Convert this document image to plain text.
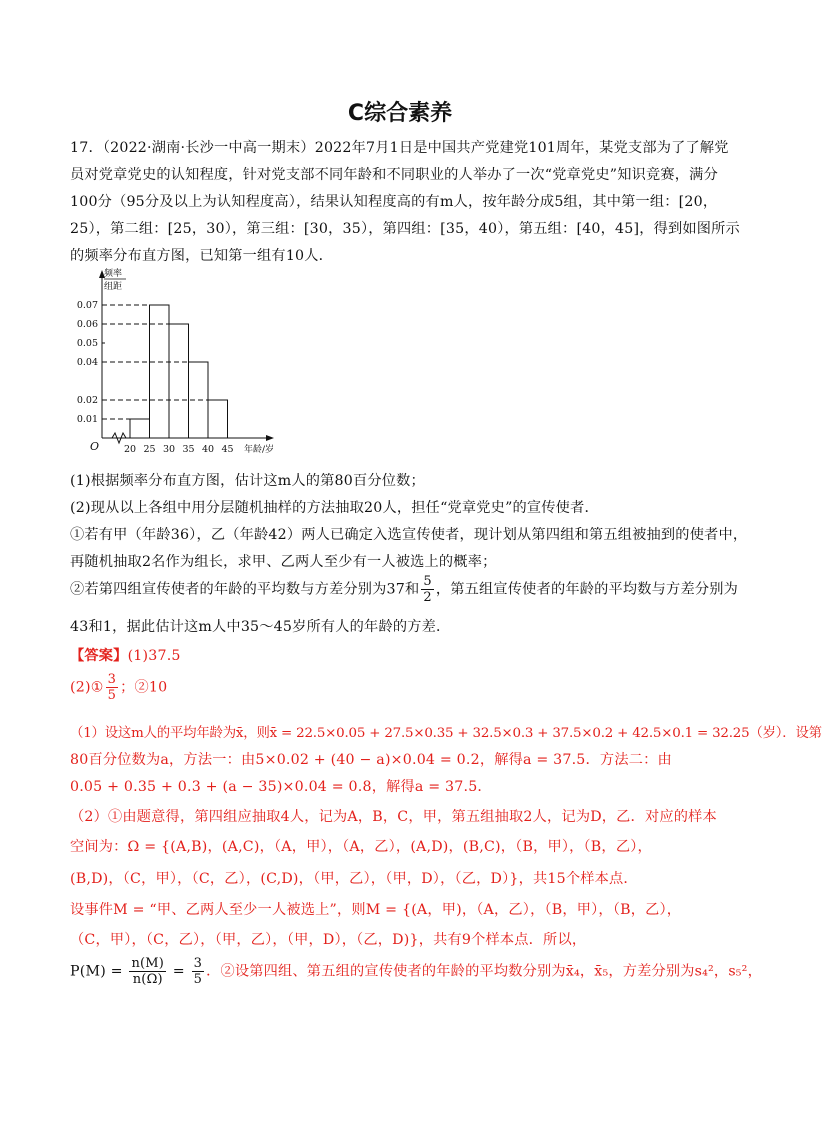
C综合素养
17．（2022·湖南·长沙一中高一期末）2022年7月1日是中国共产党建党101周年，某党支部为了了解党
员对党章党史的认知程度，针对党支部不同年龄和不同职业的人举办了一次“党章党史”知识竞赛，满分
100分（95分及以上为认知程度高），结果认知程度高的有m人，按年龄分成5组，其中第一组：[20，
25），第二组：[25，30），第三组：[30，35），第四组：[35，40），第五组：[40，45]，得到如图所示
的频率分布直方图，已知第一组有10人．
频率
组距
0.01
0.02
0.04
0.05
0.06
0.07
20 25 30 35 40 45
O	年龄/岁
(1)根据频率分布直方图，估计这m人的第80百分位数；
(2)现从以上各组中用分层随机抽样的方法抽取20人，担任“党章党史”的宣传使者．
①若有甲（年龄36），乙（年龄42）两人已确定入选宣传使者，现计划从第四组和第五组被抽到的使者中，
再随机抽取2名作为组长，求甲、乙两人至少有一人被选上的概率；
②若第四组宣传使者的年龄的平均数与方差分别为37和 $\frac{5}{2}$ ，第五组宣传使者的年龄的平均数与方差分别为
43和1，据此估计这m人中35～45岁所有人的年龄的方差．
【答案】(1)37.5
(2)① $\frac{3}{5}$ ；②10
（1）设这m人的平均年龄为x̄，则x̄ = 22.5×0.05 + 27.5×0.35 + 32.5×0.3 + 37.5×0.2 + 42.5×0.1 = 32.25（岁）．设第
80百分位数为a，方法一：由5×0.02 + (40 − a)×0.04 = 0.2，解得a = 37.5．方法二：由
0.05 + 0.35 + 0.3 + (a − 35)×0.04 = 0.8，解得a = 37.5．
（2）①由题意得，第四组应抽取4人，记为A，B，C，甲，第五组抽取2人，记为D，乙．对应的样本
空间为：Ω = {(A,B)，(A,C)，（A，甲），（A，乙），(A,D)，(B,C)，（B，甲），（B，乙），
(B,D)，（C，甲），（C，乙），(C,D)，（甲，乙），（甲，D），（乙，D）}，共15个样本点．
设事件M = “甲、乙两人至少一人被选上”，则M = {(A，甲)，（A，乙），（B，甲），（B，乙），
（C，甲），（C，乙），（甲，乙），（甲，D），（乙，D)}，共有9个样本点．所以，
$P(M) = \frac{n(M)}{n(\Omega)} = \frac{3}{5}$ ．②设第四组、第五组的宣传使者的年龄的平均数分别为x̄₄，x̄₅，方差分别为s₄²，s₅²，
